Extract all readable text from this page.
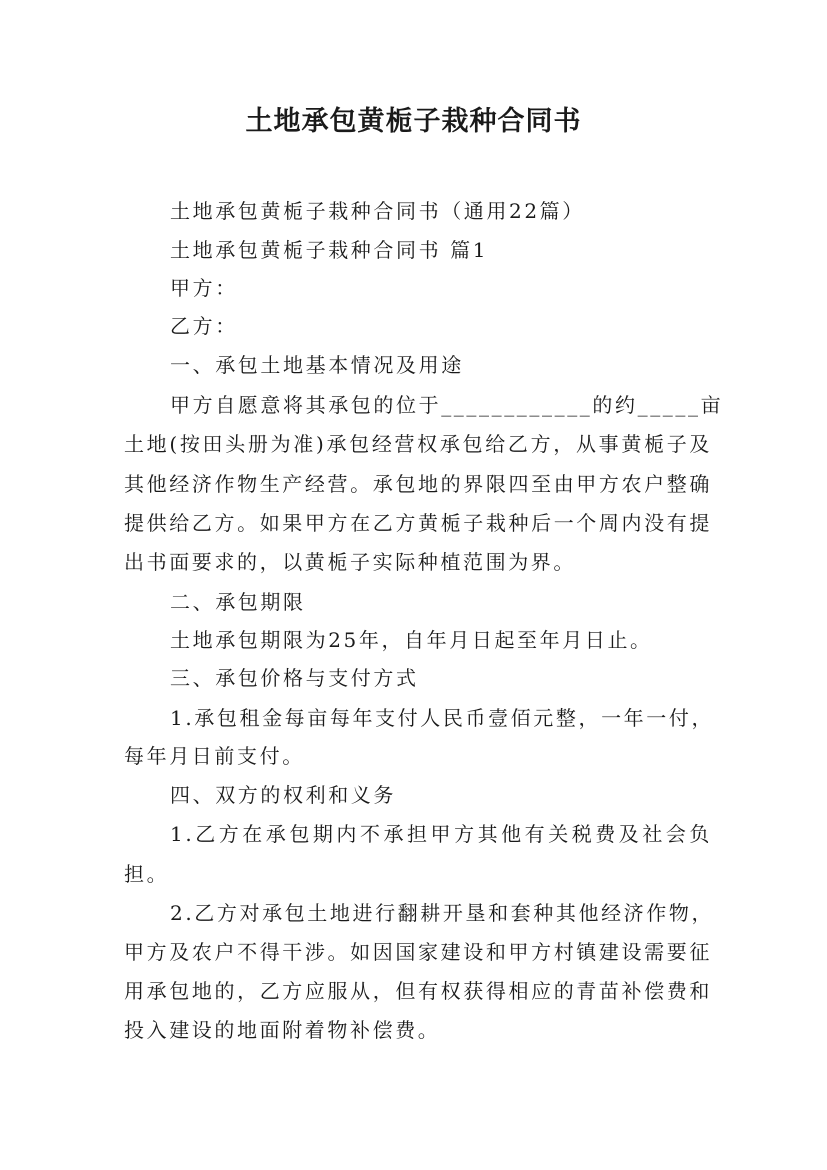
土地承包黄栀子栽种合同书
土地承包黄栀子栽种合同书（通用22篇）
土地承包黄栀子栽种合同书 篇1
甲方：
乙方：
一、承包土地基本情况及用途
甲方自愿意将其承包的位于____________的约_____亩
土地(按田头册为准)承包经营权承包给乙方，从事黄栀子及
其他经济作物生产经营。承包地的界限四至由甲方农户整确
提供给乙方。如果甲方在乙方黄栀子栽种后一个周内没有提
出书面要求的，以黄栀子实际种植范围为界。
二、承包期限
土地承包期限为25年，自年月日起至年月日止。
三、承包价格与支付方式
1.承包租金每亩每年支付人民币壹佰元整，一年一付，
每年月日前支付。
四、双方的权利和义务
1.乙方在承包期内不承担甲方其他有关税费及社会负
担。
2.乙方对承包土地进行翻耕开垦和套种其他经济作物，
甲方及农户不得干涉。如因国家建设和甲方村镇建设需要征
用承包地的，乙方应服从，但有权获得相应的青苗补偿费和
投入建设的地面附着物补偿费。
